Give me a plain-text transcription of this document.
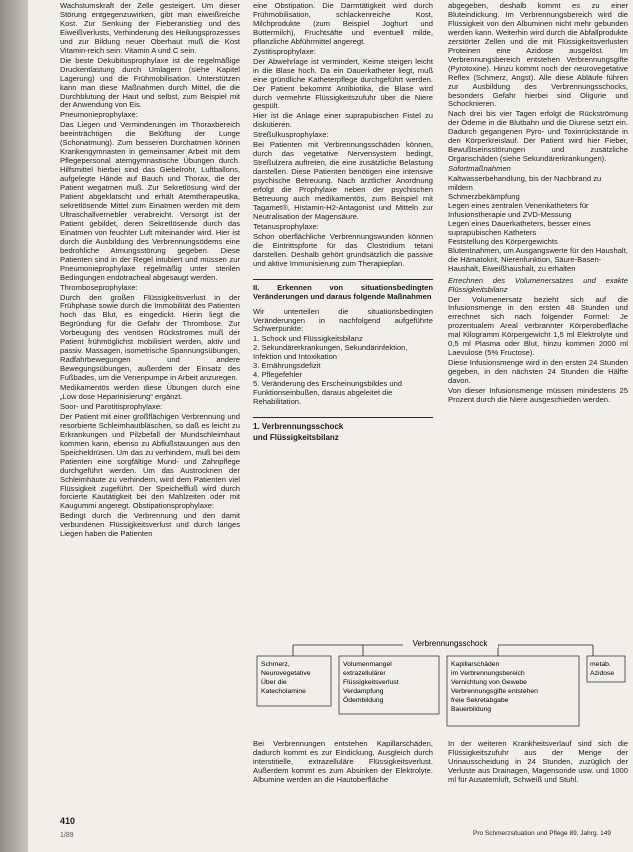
Wachstumskraft der Zelle gesteigert. Um dieser Störung entgegenzuwirken, gibt man eiweißreiche Kost. Zur Senkung der Fieberanstieg und des Eiweißverlusts, Verhinderung des Heilungsprozesses und zur Bildung neuer Oberhaut muß die Kost Vitamin-reich sein: Vitamin A und C sein.

Die beste Dekubitusprophylaxe ist die regelmäßige Druckentlastung durch Umlagern (siehe Kapitel Lagerung) und die Frühmobilisation. Unterstützen kann man diese Maßnahmen durch Mittel, die die Durchblutung der Haut und selbst, zum Beispiel mit der Anwendung von Eis.

Pneumonieprophylaxe:

Das Liegen und Verminderungen im Thoraxbereich beeinträchtigen die Belüftung der Lunge (Schonatmung). Zum besseren Durchatmen können Krankengymnasten in gemeinsamer Arbeit mit dem Pflegepersonal atemgymnastische Übungen durch. Hilfsmittel hierbei sind das Giebelrohr, Luftballons, aufgelegte Hände auf Bauch und Thorax, die der Patient wegatmen muß. Zur Sekretlösung wird der Patient abgeklatscht und erhält Atemtherapeutika, sekretlösende Mittel zum Einatmen werden mit dem Ultraschallvernebler verabreicht. Versorgt ist der Patient gebildet, deren Sekretlösende durch das Einatmen von feuchter Luft miteinander wird. Hier ist durch die Ausbildung des Verbrennungsödems eine bedrohliche Atmungsstörung gegeben. Diese Patienten sind in der Regel intubiert und müssen zur Pneumonieprophylaxe regelmäßig unter sterilen Bedingungen endotracheal abgesaugt werden.

Thromboseprophylaxe:

Durch den großen Flüssigkeitsverlust in der Frühphase sowie durch die Immobilität des Patienten hoch das Blut, es eingedickt. Hierin liegt die Begründung für die Gefahr der Thrombose. Zur Vorbeugung des venösen Rückstromes muß der Patient frühmöglichst mobilisiert werden, aktiv und passiv. Massagen, isometrische Spannungsübungen, Radfahrbewegungen und andere Bewegungsübungen, außerdem der Einsatz des Fußbades, um die Venenpumpe in Arbeit anzuregen.

Medikamentös werden diese Übungen durch eine „Low dose Heparinisierung“ ergänzt.

Soor- und Parotitisprophylaxe:

Der Patient mit einer großflächigen Verbrennung und resorbierte Schleimhautbläschen, so daß es leicht zu Erkrankungen und Pilzbefall der Mundschleimhaut kommen kann, ebenso zu Abflußstauungen aus den Speicheldrüsen. Um das zu verhindern, muß bei dem Patienten eine sorgfältige Mund- und Zahnpflege durchgeführt werden. Um das Austrocknen der Schleimhäute zu verhindern, wird dem Patienten viel Flüssigkeit zugeführt. Der Speichelfluß wird durch forcierte Kautätigkeit bei den Mahlzeiten oder mit Kaugummi angeregt. Obstipationsprophylaxe:

Bedingt durch die Verbrennung und den damit verbundenen Flüssigkeitsverlust und durch langes Liegen haben die Patienten

eine Obstipation. Die Darmtätigkeit wird durch Frühmobilisation, schlackenreiche Kost, Milchprodukte (zum Beispiel Joghurt und Buttermilch), Fruchtsäfte und eventuell milde, pflanzliche Abführmittel angeregt.

Zystitisprophylaxe:

Der Abwehrlage ist vermindert, Keime steigen leicht in die Blase hoch. Da ein Dauerkatheter liegt, muß eine gründliche Katheterpflege durchgeführt werden. Der Patient bekommt Antibiotika, die Blase wird durch vermehrte Flüssigkeitszufuhr über die Niere gespült.

Hier ist die Anlage einer suprapubischen Fistel zu diskutieren.

Streßulkusprophylaxe:

Bei Patienten mit Verbrennungsschäden können, durch das vegetative Nervensystem bedingt, Streßulzera auftreten, die eine zusätzliche Belastung darstellen. Diese Patienten benötigen eine intensive psychische Betreuung. Nach ärztlicher Anordnung erfolgt die Prophylaxe neben der psychischen Betreuung auch medikamentös, zum Beispiel mit Tagamet®, Histamin-H2-Antagonist und Mitteln zur Neutralisation der Magensäure.

Tetanusprophylaxe:

Schon oberflächliche Verbrennungswunden können die Eintrittspforte für das Clostridium tetani darstellen. Deshalb gehört grundsätzlich die passive und aktive Immunisierung zum Therapieplan.

II. Erkennen von situationsbedingten Veränderungen und daraus folgende Maßnahmen

Wir unterteilen die situationsbedingten Veränderungen in nachfolgend aufgeführte Schwerpunkte:

1. Schock und Flüssigkeitsbilanz
2. Sekundärerkrankungen, Sekundärinfektion, Infektion und Intoxikation
3. Ernährungsdefizit
4. Pflegefehler
5. Veränderung des Erscheinungsbildes und Funktionseinbußen, daraus abgeleitet die Rehabilitation.

1. Verbrennungsschock

und Flüssigkeitsbilanz

abgegeben, deshalb kommt es zu einer Bluteindickung. Im Verbrennungsbereich wird die Flüssigkeit von den Albuminen nicht mehr gebunden werden kann. Weiterhin wird durch die Abfallprodukte zerstörter Zellen und die mit Flüssigkeitsverlusten Proteinen eine Azidose ausgelöst. Im Verbrennungsbereich entstehen Verbrennungsgifte (Pyrotoxine). Hinzu kommt noch der neurovegetative Reflex (Schmerz, Angst). Alle diese Abläufe führen zur Ausbildung des Verbrennungsschocks, besonders Gefahr hierbei sind Oligurie und Schocknieren.

Nach drei bis vier Tagen erfolgt die Rückströmung der Ödeme in die Blutbahn und die Diurese setzt ein. Dadurch gegangenen Pyro- und Toxinrückstände in den Körperkreislauf. Der Patient wird hier Fieber, Bewußtseinsstörungen und zusätzliche Organschäden (siehe Sekundärerkrankungen).

Sofortmaßnahmen

Kaltwasserbehandlung, bis der Nachbrand zu mildern
Schmerzbekämpfung
Legen eines zentralen Venenkatheters für Infusionstherapie und ZVD-Messung
Legen eines Dauerkatheters, besser eines suprapubischen Katheters
Feststellung des Körpergewichts
Blutentnahmen, um Ausgangswerte für den Haushalt, die Hämatokrit, Nierenfunktion, Säure-Basen-Haushalt, Eiweißhaushalt, zu erhalten

Errechnen des Volumenersatzes und exakte Flüssigkeitsbilanz

Der Volumenersatz bezieht sich auf die Infusionsmenge in den ersten 48 Stunden und errechnet sich nach folgender Formel: Je prozentualem Areal verbrannter Körperoberfläche mal Kilogramm Körpergewicht 1,5 ml Elektrolyte und 0,5 ml Plasma oder Blut, hinzu kommen 2000 ml Laevulose (5% Fructose).

Diese Infusionsmenge wird in den ersten 24 Stunden gegeben, in den nächsten 24 Stunden die Hälfte davon.

Von dieser Infusionsmenge müssen mindestens 25 Prozent durch die Niere ausgeschieden werden.

Verbrennungsschock
Schmerz, Neurovegetative Über die Katecholamine
Volumenmangel extrazellulärer Flüssigkeitsverlust Verdampfung Ödembildung
Kapillarschäden im Verbrennungsbereich Vernichtung von Gewebe Verbrennungsgifte entstehen freie Sekretabgabe Bauerbildung
metab. Azidose

Bei Verbrennungen entstehen Kapillarschäden, dadurch kommt es zur Eindickung, Ausgleich durch interstitielle, extrazelluläre Flüssigkeitsverlust. Außerdem kommt es zum Absinken der Elektrolyte. Albumine werden an die Hautoberfläche

In der weiteren Krankheitsverlauf sind sich die Flüssigkeitszufuhr aus der Menge der Urinausscheidung in 24 Stunden, zuzüglich der Verluste aus Drainagen, Magensonde usw. und 1000 ml für Ausatemluft, Schweiß und Stuhl.

410
1/89	Pro Schmerzsituation und Pflege 89, Jahrg. 149
